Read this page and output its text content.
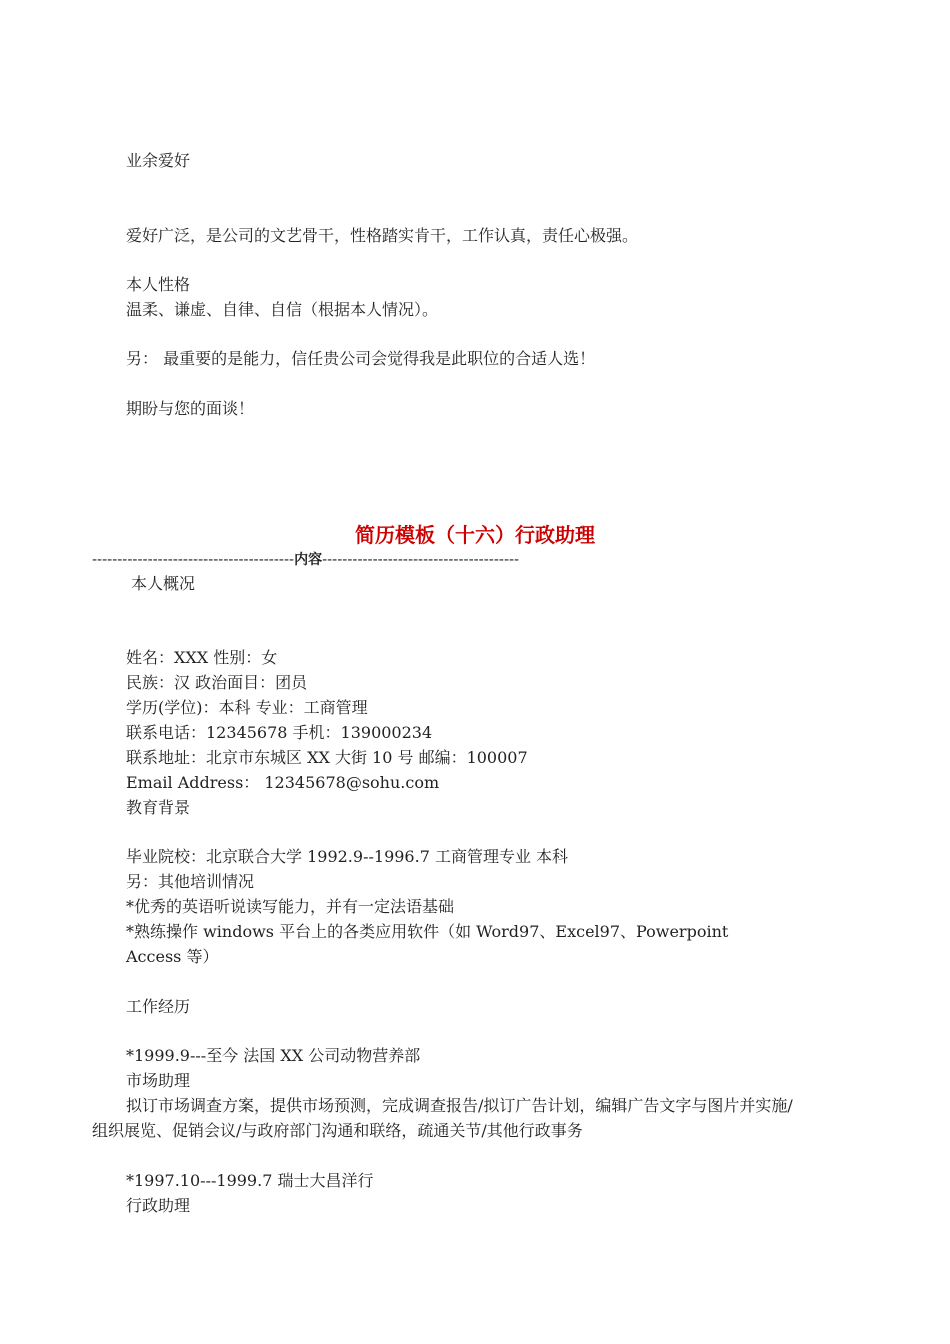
业余爱好
爱好广泛，是公司的文艺骨干，性格踏实肯干，工作认真，责任心极强。
本人性格
温柔、谦虚、自律、自信（根据本人情况）。
另： 最重要的是能力，信任贵公司会觉得我是此职位的合适人选！
期盼与您的面谈！
简历模板（十六）行政助理
----------------------------------------内容---------------------------------------
本人概况
姓名：XXX 性别：女
民族：汉 政治面目：团员
学历(学位)：本科 专业：工商管理
联系电话：12345678 手机：139000234
联系地址：北京市东城区 XX 大街 10 号 邮编：100007
Email Address： 12345678@sohu.com
教育背景
毕业院校：北京联合大学 1992.9--1996.7 工商管理专业 本科
另：其他培训情况
*优秀的英语听说读写能力，并有一定法语基础
*熟练操作 windows 平台上的各类应用软件（如 Word97、Excel97、Powerpoint
Access 等）
工作经历
*1999.9---至今 法国 XX 公司动物营养部
市场助理
拟订市场调查方案，提供市场预测，完成调查报告/拟订广告计划，编辑广告文字与图片并实施/
组织展览、促销会议/与政府部门沟通和联络，疏通关节/其他行政事务
*1997.10---1999.7 瑞士大昌洋行
行政助理
